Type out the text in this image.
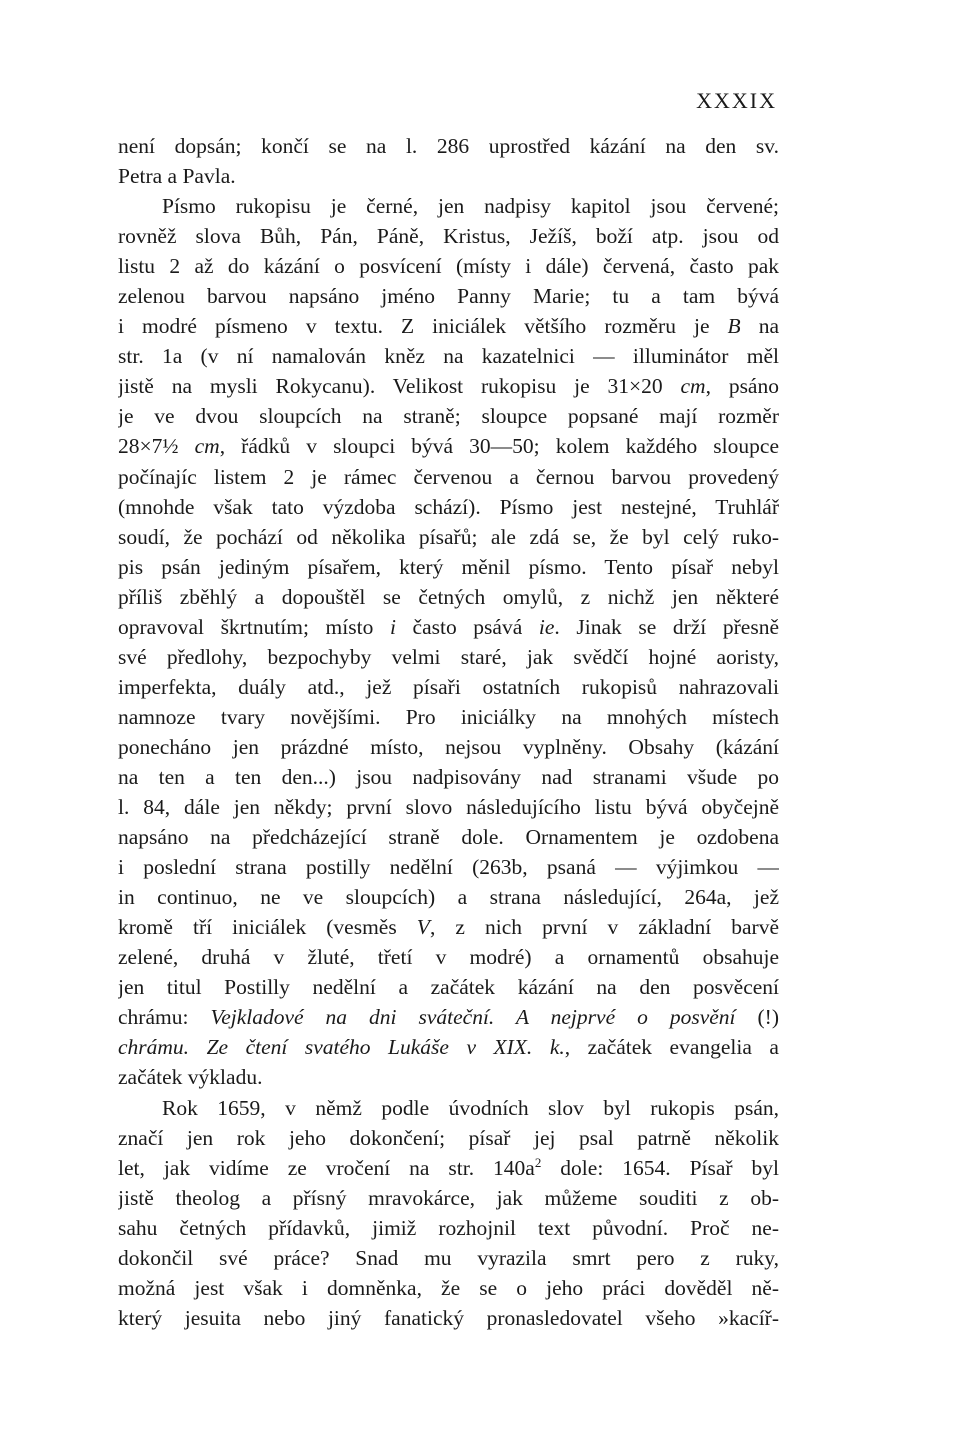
XXXIX
není dopsán; končí se na l. 286 uprostřed kázání na den sv.
Petra a Pavla.
Písmo rukopisu je černé, jen nadpisy kapitol jsou červené;
rovněž slova Bůh, Pán, Páně, Kristus, Ježíš, boží atp. jsou od
listu 2 až do kázání o posvícení (místy i dále) červená, často pak
zelenou barvou napsáno jméno Panny Marie; tu a tam bývá
i modré písmeno v textu. Z iniciálek většího rozměru je B na
str. 1a (v ní namalován kněz na kazatelnici — illuminátor měl
jistě na mysli Rokycanu). Velikost rukopisu je 31×20 cm, psáno
je ve dvou sloupcích na straně; sloupce popsané mají rozměr
28×7½ cm, řádků v sloupci bývá 30—50; kolem každého sloupce
počínajíc listem 2 je rámec červenou a černou barvou provedený
(mnohde však tato výzdoba schází). Písmo jest nestejné, Truhlář
soudí, že pochází od několika písařů; ale zdá se, že byl celý ruko-
pis psán jediným písařem, který měnil písmo. Tento písař nebyl
příliš zběhlý a dopouštěl se četných omylů, z nichž jen některé
opravoval škrtnutím; místo i často psává ie. Jinak se drží přesně
své předlohy, bezpochyby velmi staré, jak svědčí hojné aoristy,
imperfekta, duály atd., jež písaři ostatních rukopisů nahrazovali
namnoze tvary novějšími. Pro iniciálky na mnohých místech
ponecháno jen prázdné místo, nejsou vyplněny. Obsahy (kázání
na ten a ten den...) jsou nadpisovány nad stranami všude po
l. 84, dále jen někdy; první slovo následujícího listu bývá obyčejně
napsáno na předcházející straně dole. Ornamentem je ozdobena
i poslední strana postilly nedělní (263b, psaná — výjimkou —
in continuo, ne ve sloupcích) a strana následující, 264a, jež
kromě tří iniciálek (vesměs V, z nich první v základní barvě
zelené, druhá v žluté, třetí v modré) a ornamentů obsahuje
jen titul Postilly nedělní a začátek kázání na den posvěcení
chrámu: Vejkladové na dni sváteční. A nejprvé o posvění (!)
chrámu. Ze čtení svatého Lukáše v XIX. k., začátek evangelia a
začátek výkladu.
Rok 1659, v němž podle úvodních slov byl rukopis psán,
značí jen rok jeho dokončení; písař jej psal patrně několik
let, jak vidíme ze vročení na str. $140a^2$ dole: 1654. Písař byl
jistě theolog a přísný mravokárce, jak můžeme souditi z ob-
sahu četných přídavků, jimiž rozhojnil text původní. Proč ne-
dokončil své práce? Snad mu vyrazila smrt pero z ruky,
možná jest však i domněnka, že se o jeho práci dověděl ně-
který jesuita nebo jiný fanatický pronasledovatel všeho »kacíř-
